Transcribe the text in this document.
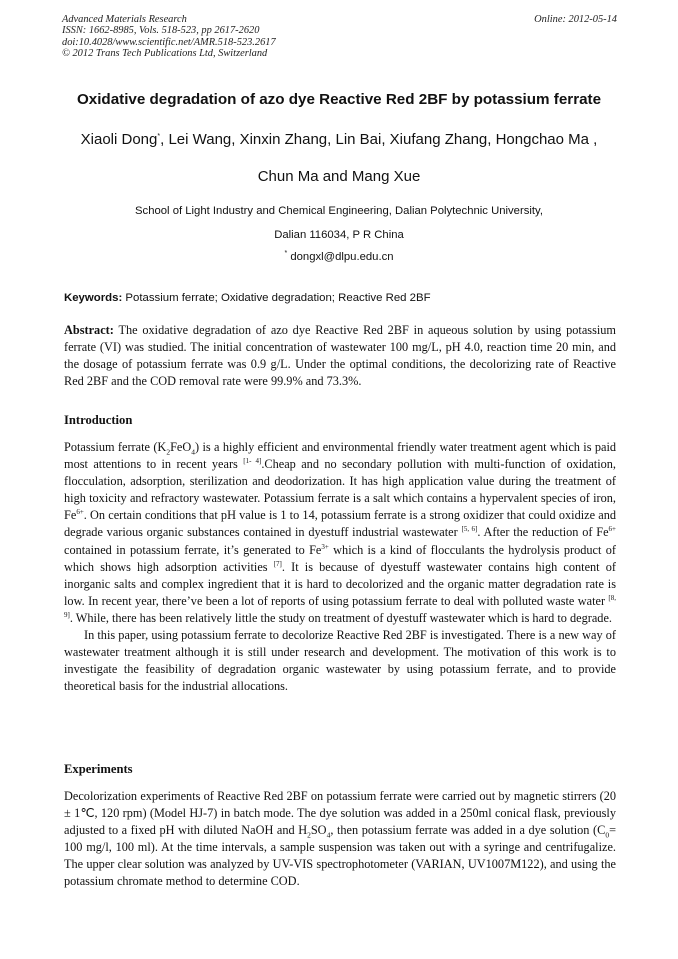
Advanced Materials Research
ISSN: 1662-8985, Vols. 518-523, pp 2617-2620
doi:10.4028/www.scientific.net/AMR.518-523.2617
© 2012 Trans Tech Publications Ltd, Switzerland
Online: 2012-05-14
Oxidative degradation of azo dye Reactive Red 2BF by potassium ferrate
Xiaoli Dong*, Lei Wang, Xinxin Zhang, Lin Bai, Xiufang Zhang, Hongchao Ma ,
Chun Ma and Mang Xue
School of Light Industry and Chemical Engineering, Dalian Polytechnic University,
Dalian 116034, P R China
* dongxl@dlpu.edu.cn
Keywords: Potassium ferrate; Oxidative degradation; Reactive Red 2BF
Abstract: The oxidative degradation of azo dye Reactive Red 2BF in aqueous solution by using potassium ferrate (VI) was studied. The initial concentration of wastewater 100 mg/L, pH 4.0, reaction time 20 min, and the dosage of potassium ferrate was 0.9 g/L. Under the optimal conditions, the decolorizing rate of Reactive Red 2BF and the COD removal rate were 99.9% and 73.3%.
Introduction

Potassium ferrate $(K_2FeO_4)$ is a highly efficient and environmental friendly water treatment agent which is paid most attentions to in recent years [1- 4].Cheap and no secondary pollution with multi-function of oxidation, flocculation, adsorption, sterilization and deodorization. It has high application value during the treatment of high toxicity and refractory wastewater. Potassium ferrate is a salt which contains a hypervalent species of iron, $Fe^{6+}$. On certain conditions that pH value is 1 to 14, potassium ferrate is a strong oxidizer that could oxidize and degrade various organic substances contained in dyestuff industrial wastewater [5, 6]. After the reduction of $Fe^{6+}$ contained in potassium ferrate, it’s generated to $Fe^{3+}$ which is a kind of flocculants the hydrolysis product of which shows high adsorption activities [7]. It is because of dyestuff wastewater contains high content of inorganic salts and complex ingredient that it is hard to decolorized and the organic matter degradation rate is low. In recent year, there’ve been a lot of reports of using potassium ferrate to deal with polluted waste water [8, 9]. While, there has been relatively little the study on treatment of dyestuff wastewater which is hard to degrade.

In this paper, using potassium ferrate to decolorize Reactive Red 2BF is investigated. There is a new way of wastewater treatment although it is still under research and development. The motivation of this work is to investigate the feasibility of degradation organic wastewater by using potassium ferrate, and to provide theoretical basis for the industrial allocations.

Experiments
Decolorization experiments of Reactive Red 2BF on potassium ferrate were carried out by magnetic stirrers (20 ± 1℃, 120 rpm) (Model HJ-7) in batch mode. The dye solution was added in a 250ml conical flask, previously adjusted to a fixed pH with diluted NaOH and $H_2SO_4$, then potassium ferrate was added in a dye solution ($C_0= 100$ mg/l, 100 ml). At the time intervals, a sample suspension was taken out with a syringe and centrifugalize. The upper clear solution was analyzed by UV-VIS spectrophotometer (VARIAN, UV1007M122), and using the potassium chromate method to determine COD.
